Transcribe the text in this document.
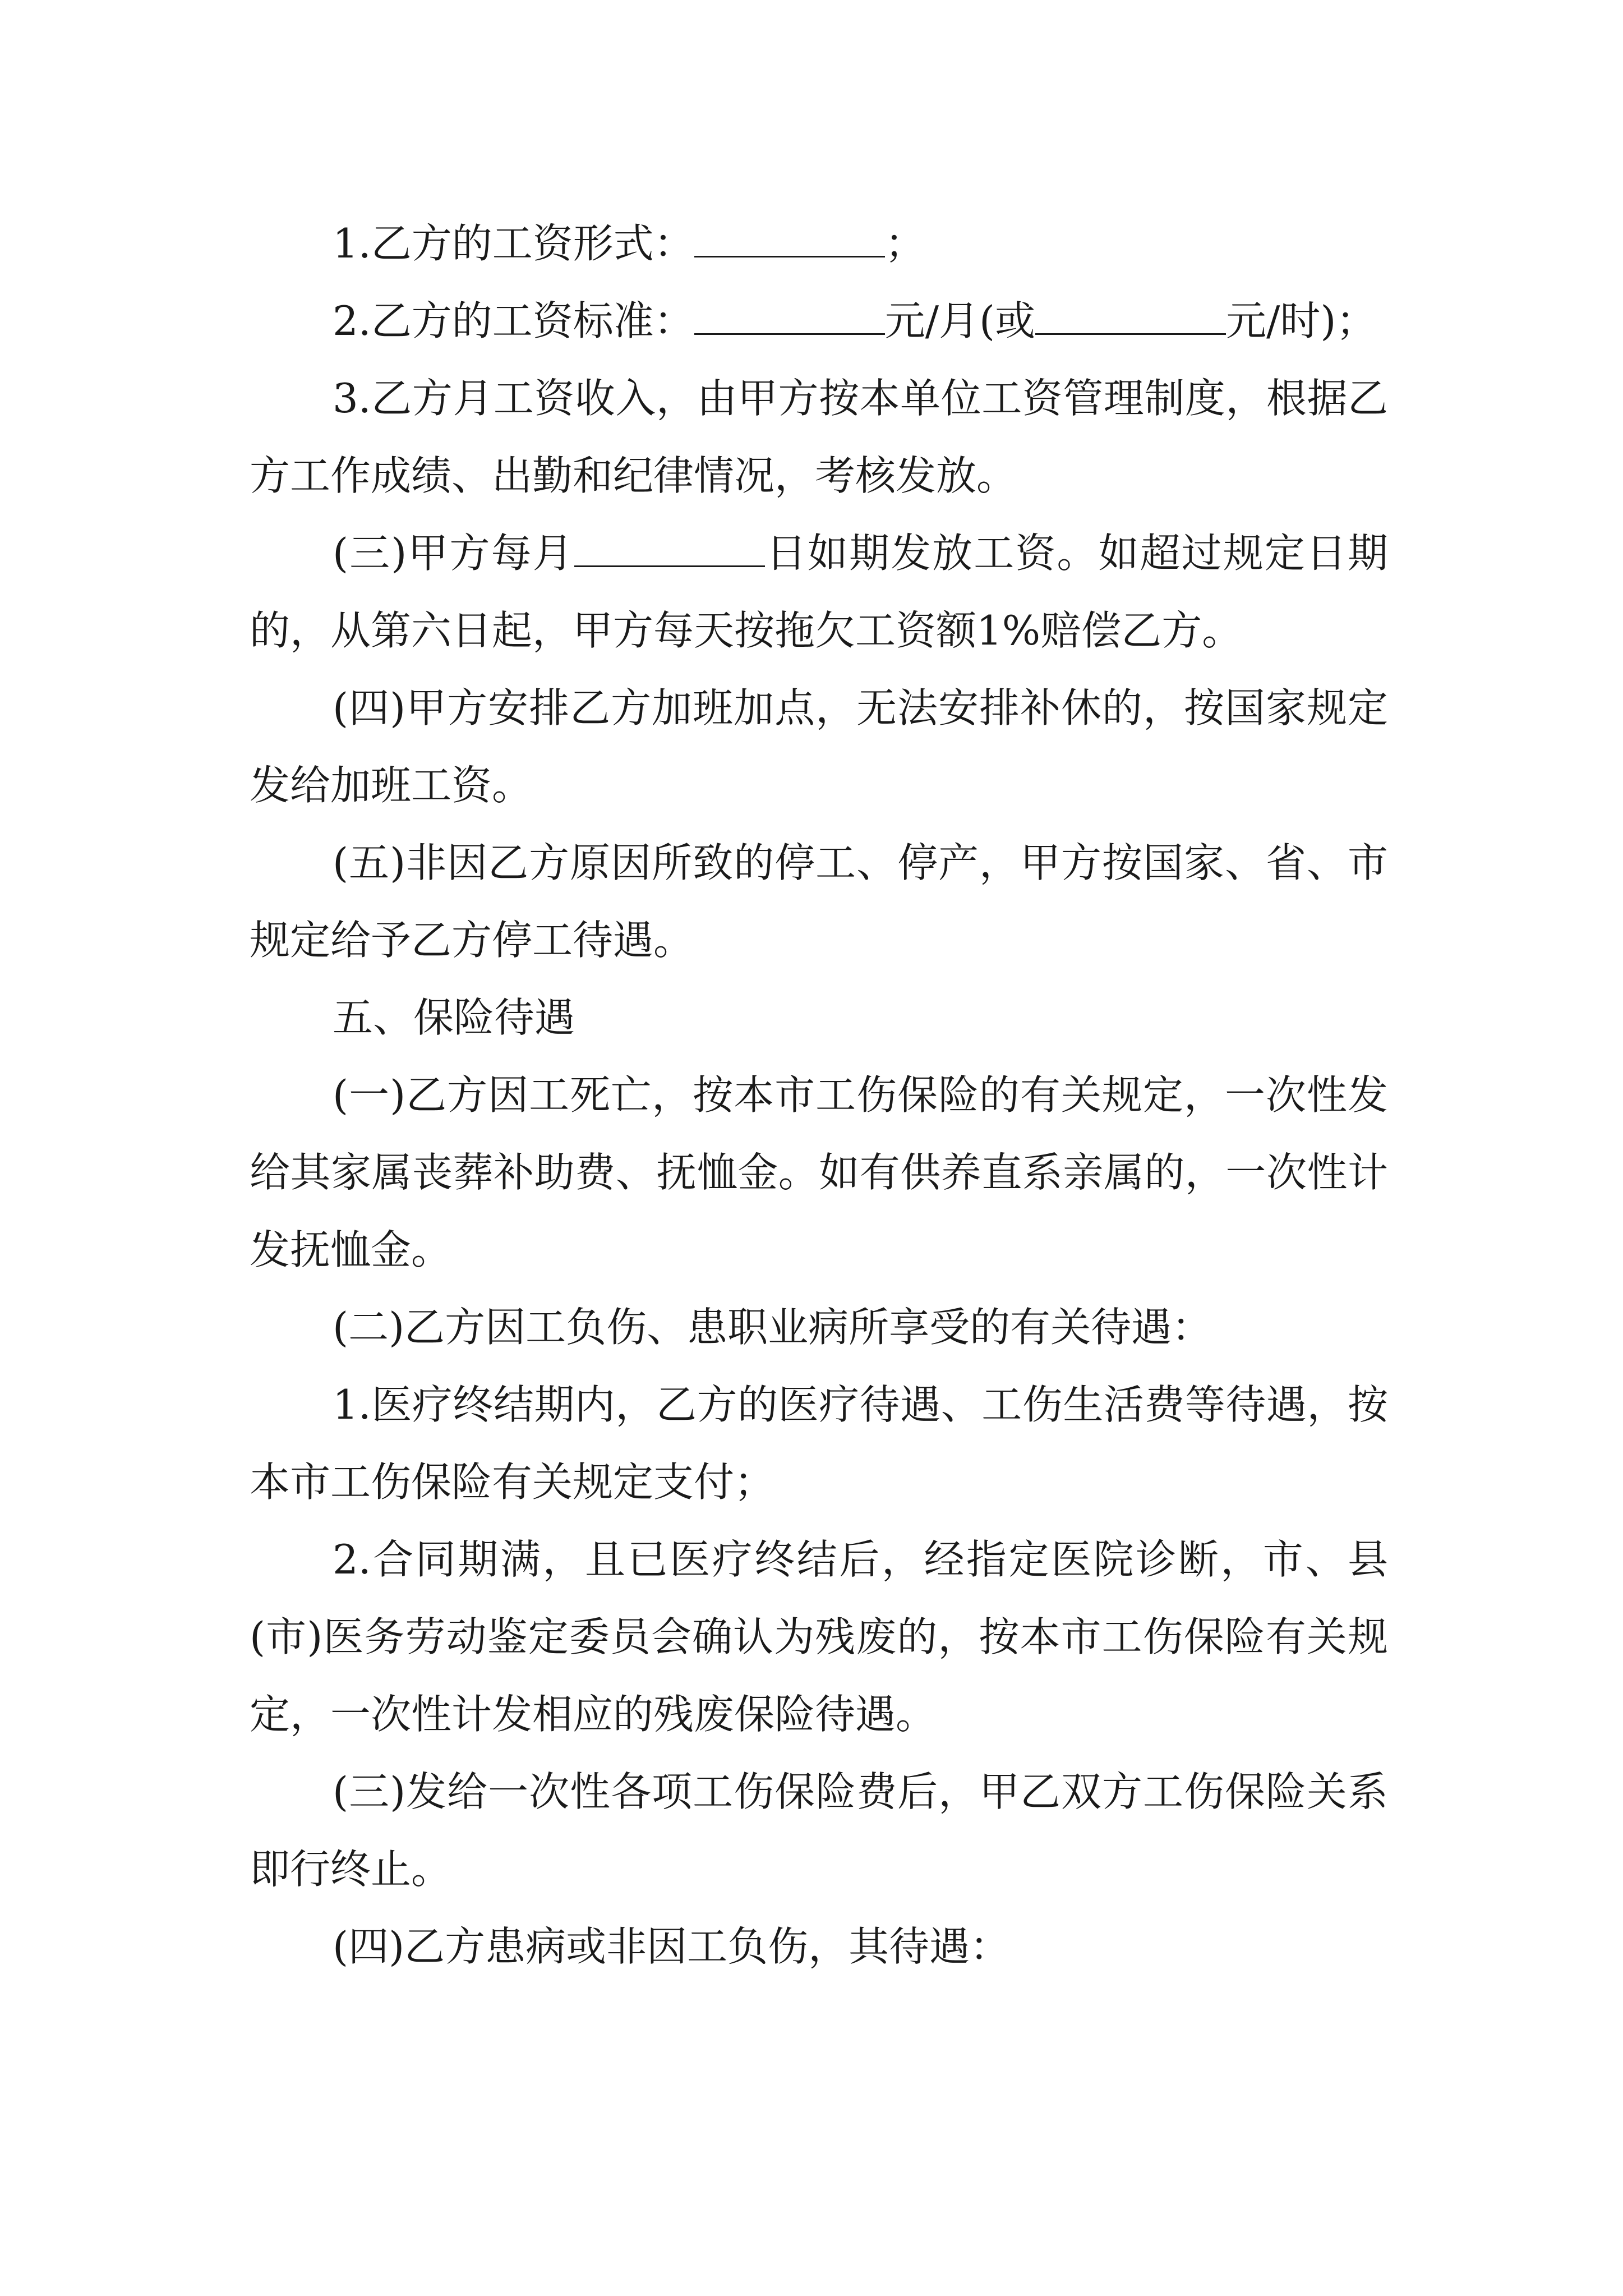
1.乙方的工资形式：	；

2.乙方的工资标准：	元/月(或	元/时)；

3.乙方月工资收入，由甲方按本单位工资管理制度，根据乙方工作成绩、出勤和纪律情况，考核发放。

(三)甲方每月	日如期发放工资。如超过规定日期的，从第六日起，甲方每天按拖欠工资额1%赔偿乙方。

(四)甲方安排乙方加班加点，无法安排补休的，按国家规定发给加班工资。

(五)非因乙方原因所致的停工、停产，甲方按国家、省、市规定给予乙方停工待遇。

五、保险待遇

(一)乙方因工死亡，按本市工伤保险的有关规定，一次性发给其家属丧葬补助费、抚恤金。如有供养直系亲属的，一次性计发抚恤金。

(二)乙方因工负伤、患职业病所享受的有关待遇：

1.医疗终结期内，乙方的医疗待遇、工伤生活费等待遇，按本市工伤保险有关规定支付；

2.合同期满，且已医疗终结后，经指定医院诊断，市、县(市)医务劳动鉴定委员会确认为残废的，按本市工伤保险有关规定，一次性计发相应的残废保险待遇。

(三)发给一次性各项工伤保险费后，甲乙双方工伤保险关系即行终止。

(四)乙方患病或非因工负伤，其待遇：
